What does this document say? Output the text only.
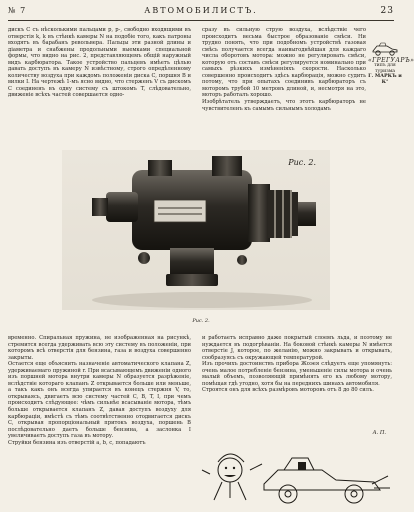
№ 7	АВТОМОБИЛИСТЪ.	23
дискъ C съ нѣсколькими пальцами p, p-, свободно входящими въ отверстія k, k въ стѣнкѣ камеры N на подобіе того, какъ патроны входятъ въ барабанъ револьвера. Пальцы эти разной длины и діаметра и снабжены продольными выемками специальной формы, что видно на рис. 2, представляющемъ общій наружный видъ карбюратора. Такое устройство пальцевъ имѣетъ цѣлью давать доступъ въ камеру N извѣстному, строго опредѣленному количеству воздуха при каждомъ положеніи диска C, поршня B и вилки I. На чертежѣ 1-мъ ясно видно, что стерженъ V съ дискомъ C соединенъ въ одну систему съ штокомъ T, слѣдовательно, движеніе всѣхъ частей совершается одно-
сразу въ сильную струю воздуха, вслѣдствіе чего происходитъ весьма быстрое образованіе смѣси. Ни трудно понять, что при подобномъ устройствѣ газовая смѣсь получается всегда наивыгоднѣйшая для каждаго числа оборотовъ мотора: можно не регулировать смѣси, которую отъ составъ смѣси регулируется номинально при самыхъ рѣзкихъ измѣненіяхъ скорости. Насколько совершенно происходитъ здѣсь карбюрація, можно судить потому, что при опытахъ соединивъ карбюраторъ съ моторомъ трубой 10 метровъ длиной, и, несмотря на это, моторъ работалъ хорошо.
Изобрѣтатель утверждаетъ, что этотъ карбюраторъ не чувствителенъ къ самымъ сильнымъ холодамъ
«ГРЕГУАРЪ»
типъ для туризма
Г. МАРКЪ и К°
Рис. 2.
Рис. 2.
временно. Спиральная пружина, не изображенная на рисункѣ, стремится всегда удерживать всю эту систему въ положеніи, при которомъ всѣ отверстія для бензина, газа и воздуха совершенно закрыты.
Остается еще объяснить назначеніе автоматического клапана Z, удерживаемаго пружиной r. При всасывающемъ движеніи одного изъ поршней мотора внутри камеры N образуется разрѣженіе, вслѣдствіе котораго клапанъ Z открывается больше или меньше, а такъ какъ онъ всегда упирается въ конецъ стержня V, то, открываясь, двигаетъ всю систему частей C, B, T, I, при чемъ происходитъ слѣдующее: чѣмъ сильнѣе всасываніе мотора, тѣмъ больше открывается клапанъ Z, давая доступъ воздуху для карбюраціи, вмѣстѣ съ тѣмъ соотвѣтственно отодвигается дискъ C, открывая пропорціональный притокъ воздуха, поршень B послѣдовательно даетъ больше бензина, а заслонка I увеличиваетъ доступъ газа въ мотору.
Струйки бензина изъ отверстій a, b, c, попадаютъ
и работаетъ исправно даже покрытый слоемъ льда, и поэтому не нуждается въ подогрѣваніи. На боковой стѣнкѣ камеры N имѣется отверстіе J, которое, по желанію, можно закрывать и открывать, сообразуясь съ окружающей температурой.
Изъ прочихъ достоинствъ прибора Жоэея слѣдуетъ еще упомянуть: очень малое потребленіе бензина, уменьшеніе силы мотора и очень малый объемъ, позволяющій примѣнять его къ любому мотору, помѣщая гдѣ угодно, хотя бы на переднихъ шинахъ автомобиля.
Строятся онъ для всѣхъ размѣровъ моторовъ отъ 8 до 80 силъ.
А. П.
